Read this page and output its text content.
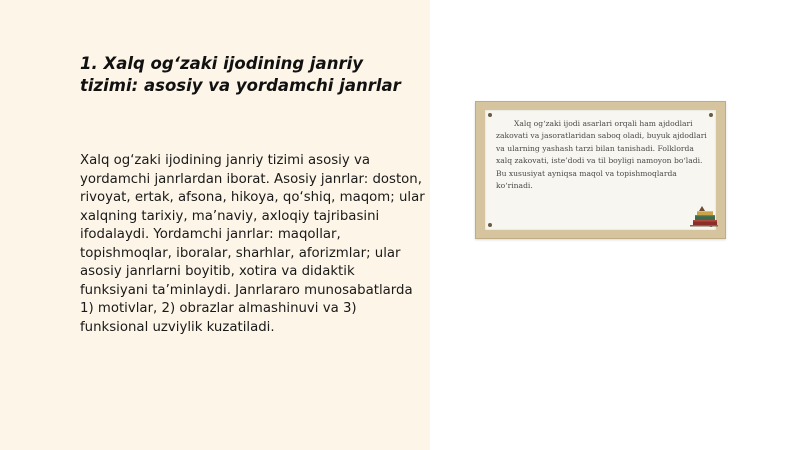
1. Xalq og‘zaki ijodining janriy tizimi: asosiy va yordamchi janrlar

Xalq og‘zaki ijodining janriy tizimi asosiy va yordamchi janrlardan iborat. Asosiy janrlar: doston, rivoyat, ertak, afsona, hikoya, qo‘shiq, maqom; ular xalqning tarixiy, ma’naviy, axloqiy tajribasini ifodalaydi. Yordamchi janrlar: maqollar, topishmoqlar, iboralar, sharhlar, aforizmlar; ular asosiy janrlarni boyitib, xotira va didaktik funksiyani ta’minlaydi. Janrlararo munosabatlarda 1) motivlar, 2) obrazlar almashinuvi va 3) funksional uzviylik kuzatiladi.

Xalq og‘zaki ijodi asarlari orqali ham ajdodlari zakovati va jasoratlaridan saboq oladi, buyuk ajdodlari va ularning yashash tarzi bilan tanishadi. Folklorda xalq zakovati, iste’dodi va til boyligi namoyon bo‘ladi. Bu xususiyat ayniqsa maqol va topishmoqlarda ko‘rinadi.
